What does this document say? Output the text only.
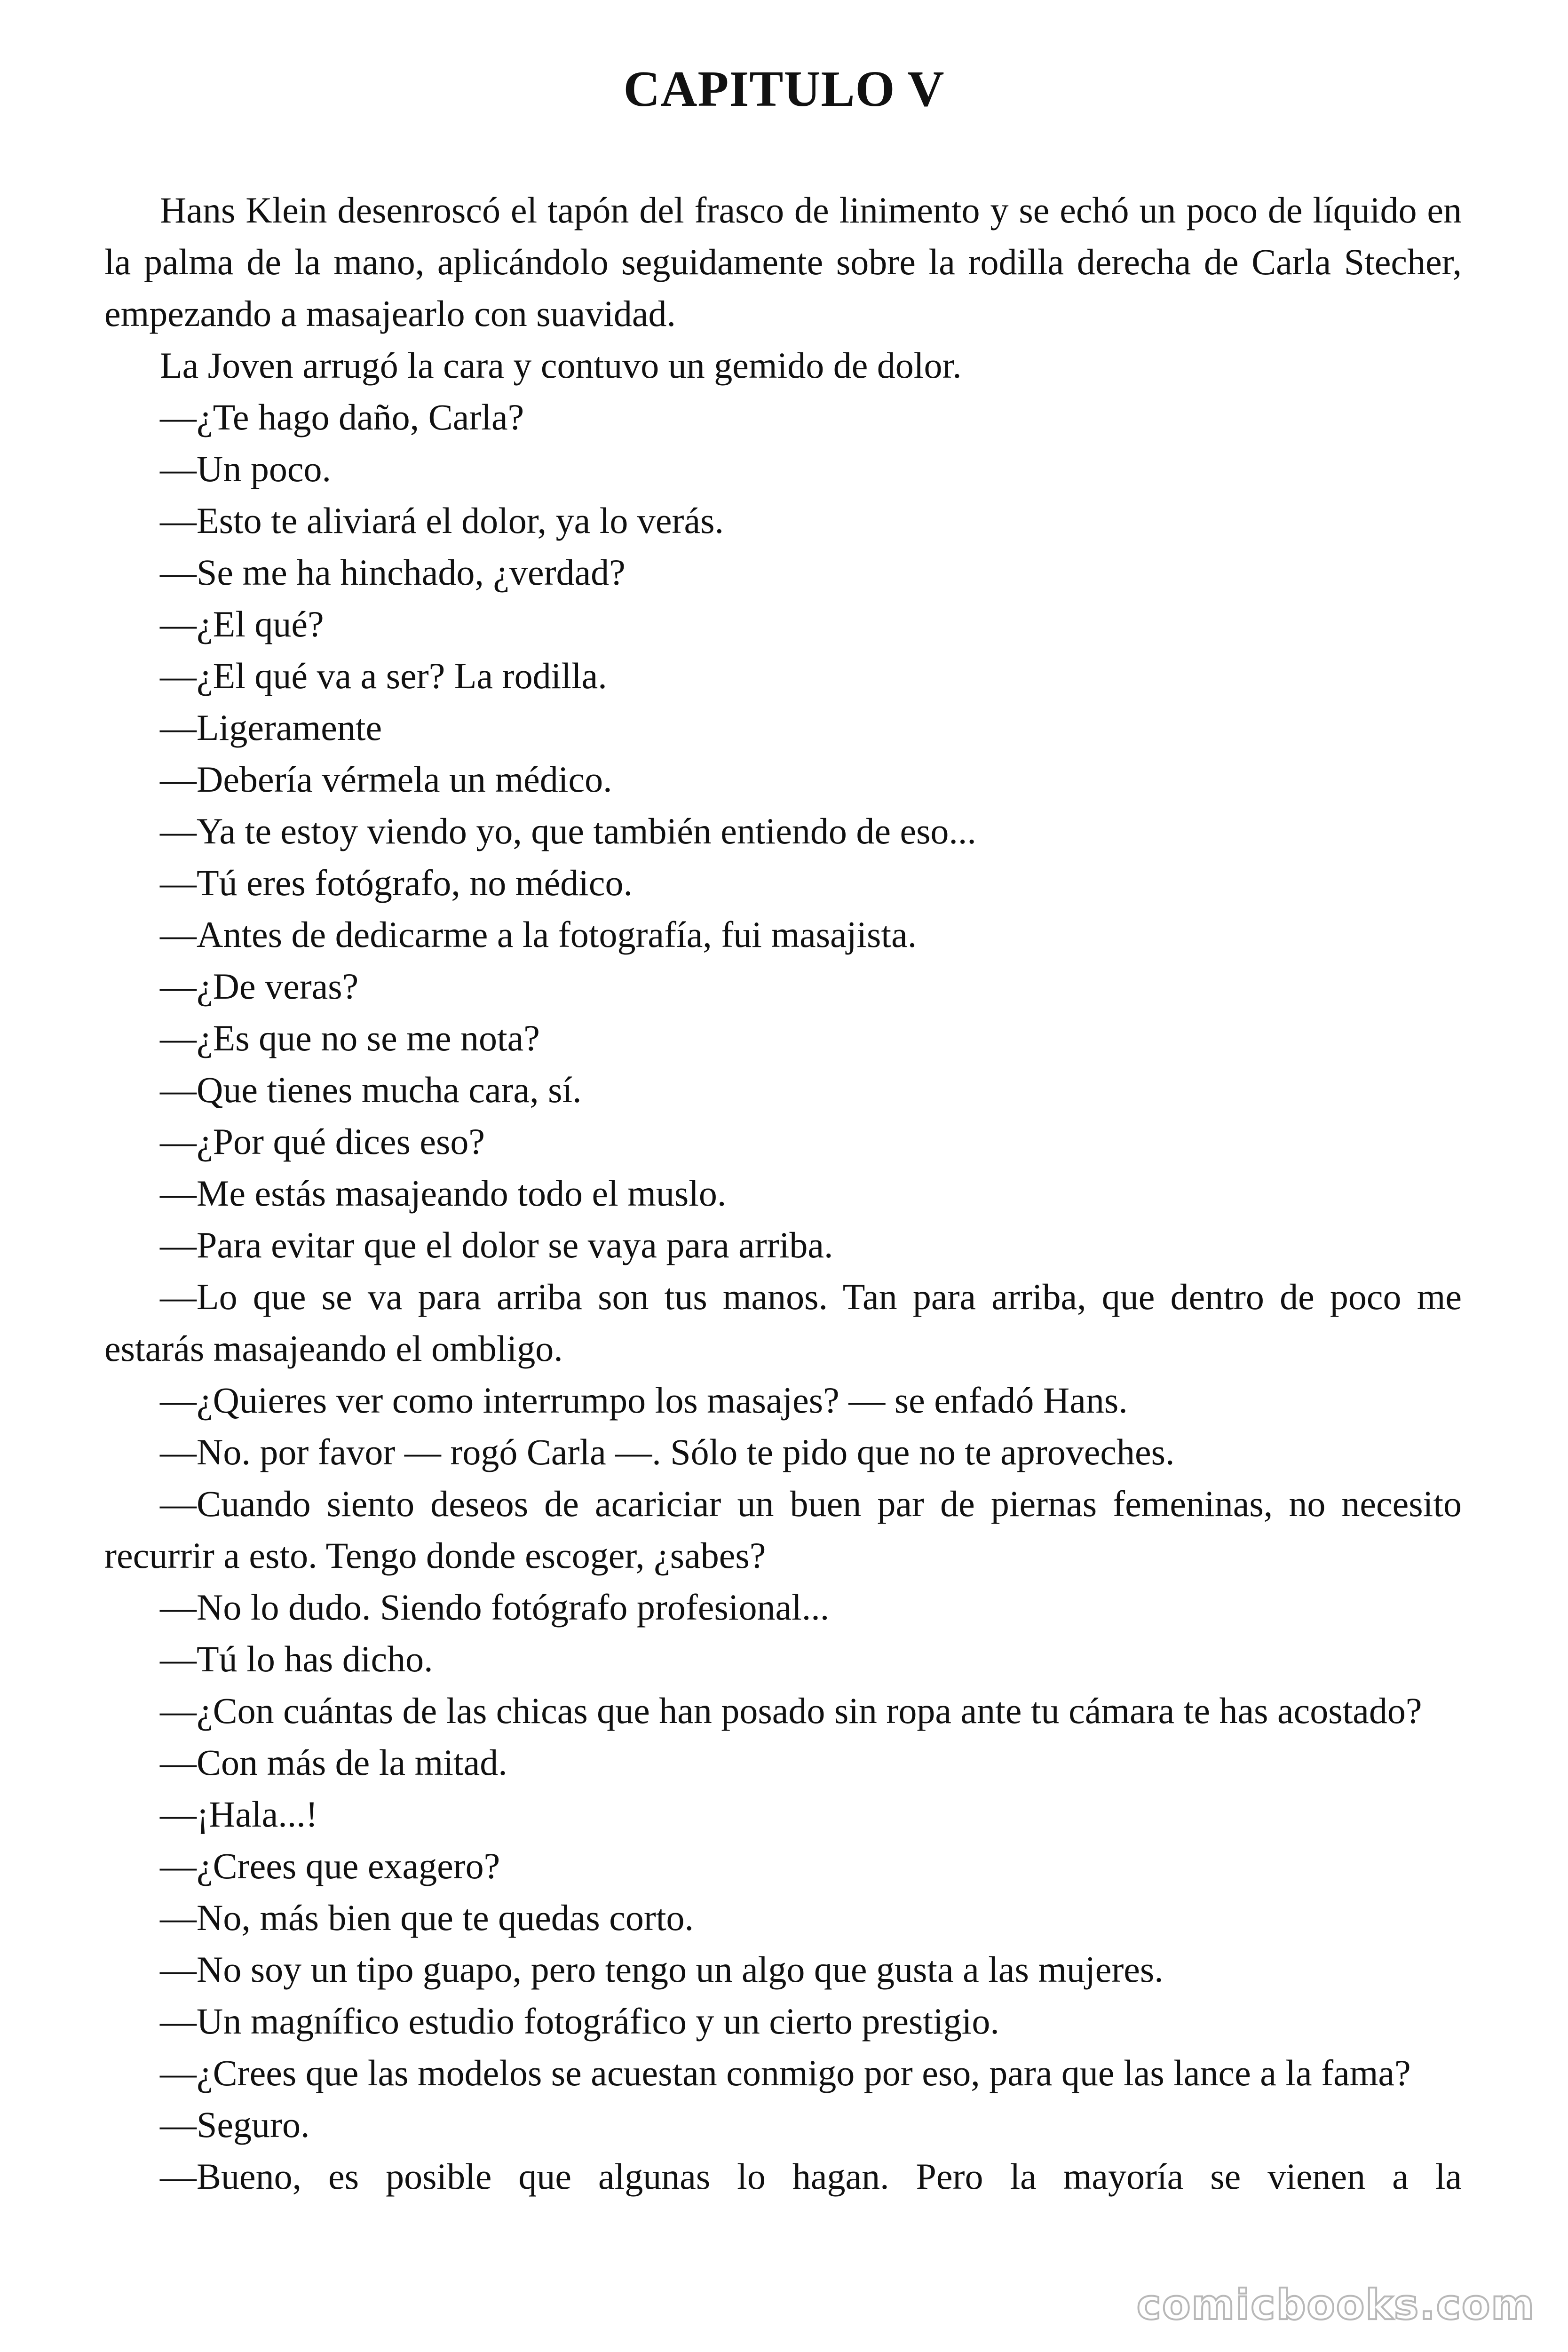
CAPITULO V

Hans Klein desenroscó el tapón del frasco de linimento y se echó un poco de líquido en la palma de la mano, aplicándolo seguidamente sobre la rodilla derecha de Carla Stecher, empezando a masajearlo con suavidad.

La Joven arrugó la cara y contuvo un gemido de dolor.

—¿Te hago daño, Carla?

—Un poco.

—Esto te aliviará el dolor, ya lo verás.

—Se me ha hinchado, ¿verdad?

—¿El qué?

—¿El qué va a ser? La rodilla.

—Ligeramente

—Debería vérmela un médico.

—Ya te estoy viendo yo, que también entiendo de eso...

—Tú eres fotógrafo, no médico.

—Antes de dedicarme a la fotografía, fui masajista.

—¿De veras?

—¿Es que no se me nota?

—Que tienes mucha cara, sí.

—¿Por qué dices eso?

—Me estás masajeando todo el muslo.

—Para evitar que el dolor se vaya para arriba.

—Lo que se va para arriba son tus manos. Tan para arriba, que dentro de poco me estarás masajeando el ombligo.

—¿Quieres ver como interrumpo los masajes? — se enfadó Hans.

—No. por favor — rogó Carla —. Sólo te pido que no te aproveches.

—Cuando siento deseos de acariciar un buen par de piernas femeninas, no necesito recurrir a esto. Tengo donde escoger, ¿sabes?

—No lo dudo. Siendo fotógrafo profesional...

—Tú lo has dicho.

—¿Con cuántas de las chicas que han posado sin ropa ante tu cámara te has acostado?

—Con más de la mitad.

—¡Hala...!

—¿Crees que exagero?

—No, más bien que te quedas corto.

—No soy un tipo guapo, pero tengo un algo que gusta a las mujeres.

—Un magnífico estudio fotográfico y un cierto prestigio.

—¿Crees que las modelos se acuestan conmigo por eso, para que las lance a la fama?

—Seguro.

—Bueno, es posible que algunas lo hagan. Pero la mayoría se vienen a la

comicbooks.com
